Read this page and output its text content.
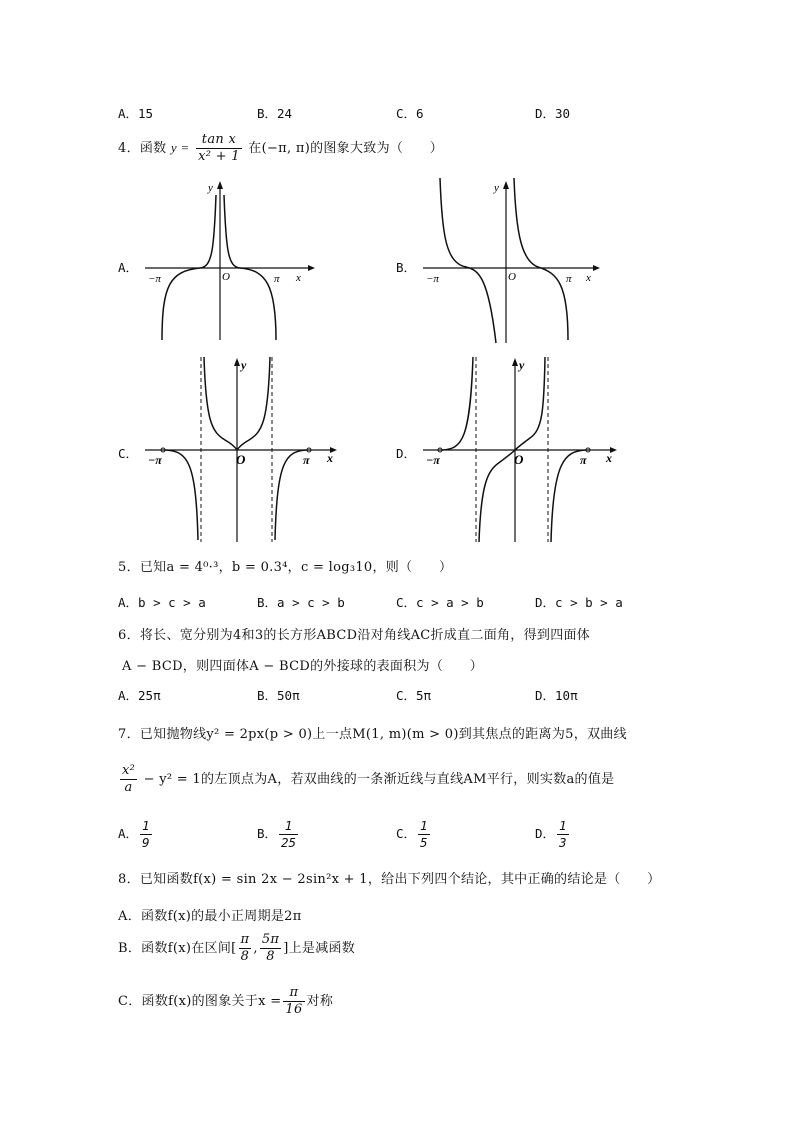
A．15	B．24	C．6	D．30
4．函数 $y = \frac{\text{tan x}}{\text{x² + 1}}$ 在(−π, π)的图象大致为（　　）
A．	B．
C．	D．
−π	O	π x
y
−π	O	π x
y
−π	O	π x
y
−π	O	π x
y
5．已知a = 4⁰·³，b = 0.3⁴，c = log₃10，则（　　）
A．b > c > a	B．a > c > b	C．c > a > b	D．c > b > a
6．将长、宽分别为4和3的长方形ABCD沿对角线AC折成直二面角，得到四面体
A − BCD，则四面体A − BCD的外接球的表面积为（　　）
A．25π	B．50π	C．5π	D．10π
7．已知抛物线y² = 2px(p > 0)上一点M(1, m)(m > 0)到其焦点的距离为5，双曲线
$\frac{\text{x²}}{a} - y^2 = 1$的左顶点为A，若双曲线的一条渐近线与直线AM平行，则实数a的值是
A． $\frac{1}{9}$	B． $\frac{1}{25}$	C． $\frac{1}{5}$	D． $\frac{1}{3}$
8．已知函数f(x) = sin 2x − 2sin²x + 1，给出下列四个结论，其中正确的结论是（　　）
A．函数f(x)的最小正周期是2π
B．函数f(x)在区间[ $\frac{\pi}{8}$ , $\frac{5\pi}{8}$ ]上是减函数
C．函数f(x)的图象关于$x = \frac{\pi}{16}$ 对称
